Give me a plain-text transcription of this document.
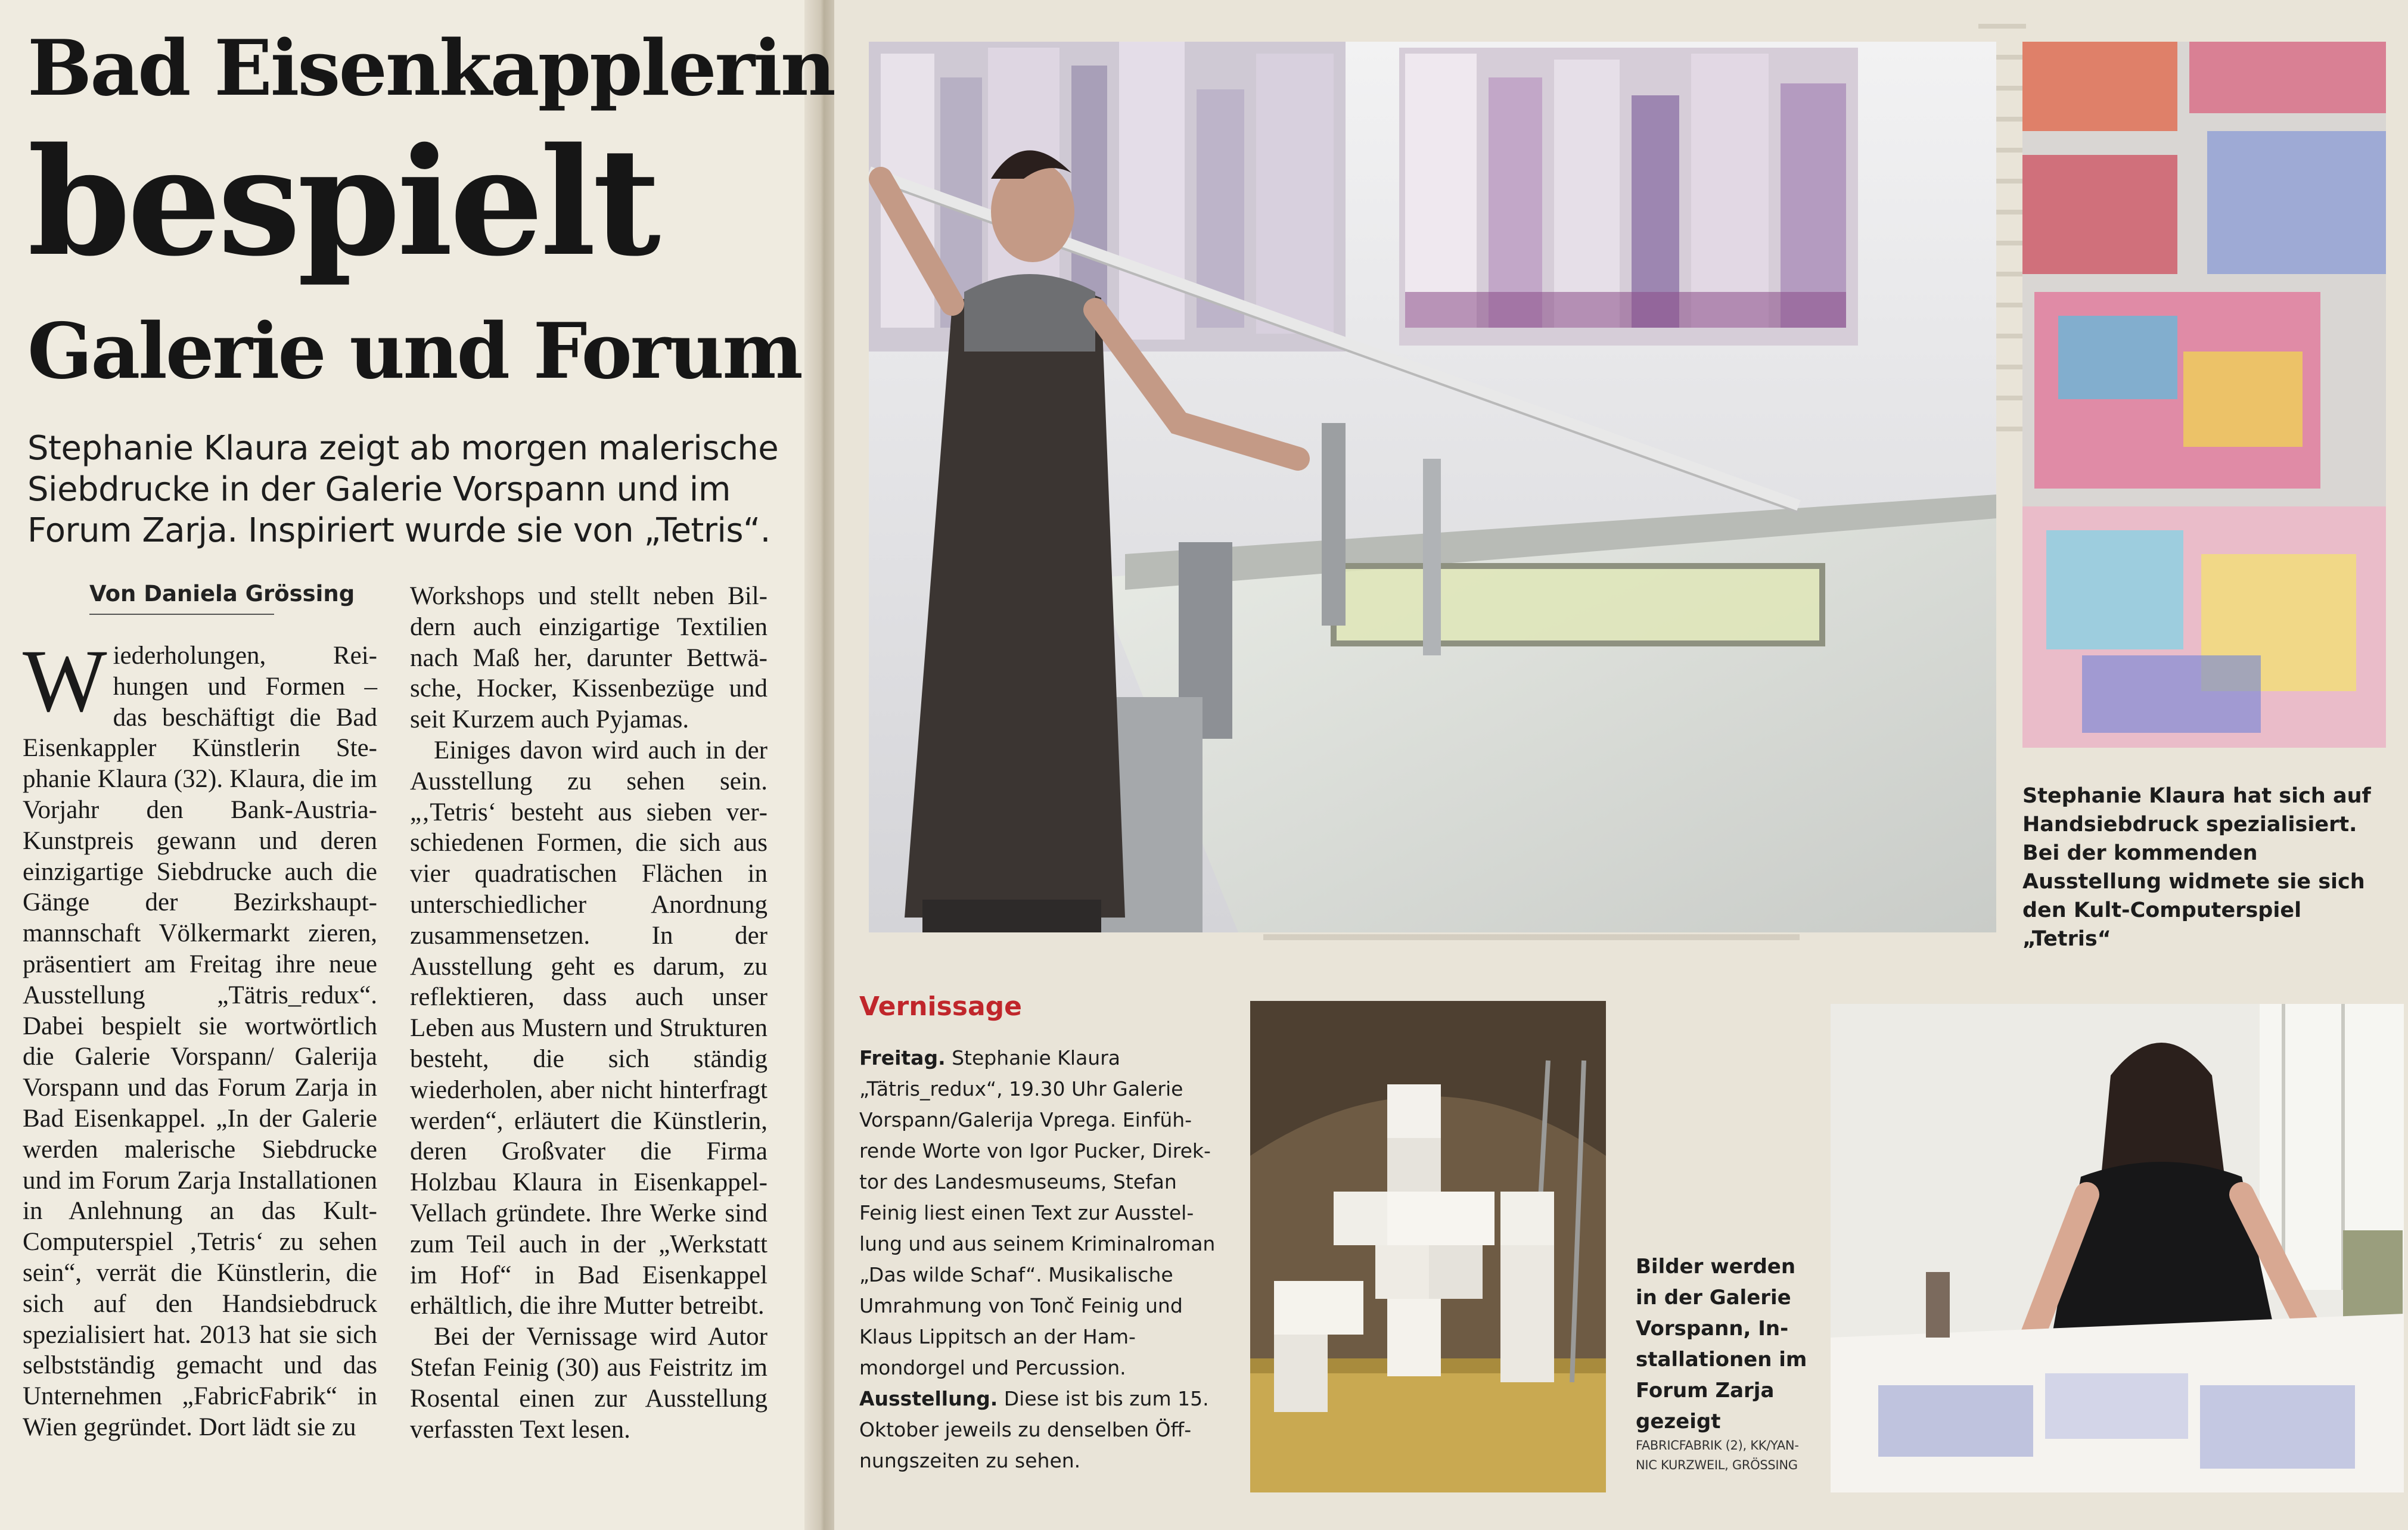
Bad Eisenkapplerin
bespielt
Galerie und Forum
Stephanie Klaura zeigt ab morgen malerische Siebdrucke in der Galerie Vorspann und im Forum Zarja. Inspiriert wurde sie von „Tetris“.
Von Daniela Grössing
Wiederholungen, Reihungen und Formen – das beschäftigt die Bad Eisenkappler Künstlerin Stephanie Klaura (32). Klaura, die im Vorjahr den Bank-Austria-Kunstpreis gewann und deren einzigartige Siebdrucke auch die Gänge der Bezirkshauptmannschaft Völkermarkt zieren, präsentiert am Freitag ihre neue Ausstellung „Tätris_redux“. Dabei bespielt sie wortwörtlich die Galerie Vorspann/ Galerija Vorspann und das Forum Zarja in Bad Eisenkappel. „In der Galerie werden malerische Siebdrucke und im Forum Zarja Installationen in Anlehnung an das Kult-Computerspiel ‚Tetris‘ zu sehen sein“, verrät die Künstlerin, die sich auf den Handsiebdruck spezialisiert hat. 2013 hat sie sich selbstständig gemacht und das Unternehmen „FabricFabrik“ in Wien gegründet. Dort lädt sie zu

Workshops und stellt neben Bildern auch einzigartige Textilien nach Maß her, darunter Bettwäsche, Hocker, Kissenbezüge und seit Kurzem auch Pyjamas.

Einiges davon wird auch in der Ausstellung zu sehen sein. „‚Tetris‘ besteht aus sieben verschiedenen Formen, die sich aus vier quadratischen Flächen in unterschiedlicher Anordnung zusammensetzen. In der Ausstellung geht es darum, zu reflektieren, dass auch unser Leben aus Mustern und Strukturen besteht, die sich ständig wiederholen, aber nicht hinterfragt werden“, erläutert die Künstlerin, deren Großvater die Firma Holzbau Klaura in Eisenkappel-Vellach gründete. Ihre Werke sind zum Teil auch in der „Werkstatt im Hof“ in Bad Eisenkappel erhältlich, die ihre Mutter betreibt.

Bei der Vernissage wird Autor Stefan Feinig (30) aus Feistritz im Rosental einen zur Ausstellung verfassten Text lesen.

Stephanie Klaura hat sich auf Handsiebdruck spezialisiert. Bei der kommenden Ausstellung widmete sie sich den Kult-Computerspiel „Tetris“
Vernissage
Freitag. Stephanie Klaura „Tätris_redux“, 19.30 Uhr Galerie Vorspann/Galerija Vprega. Einführende Worte von Igor Pucker, Direktor des Landesmuseums, Stefan Feinig liest einen Text zur Ausstellung und aus seinem Kriminalroman „Das wilde Schaf“. Musikalische Umrahmung von Tonč Feinig und Klaus Lippitsch an der Hammondorgel und Percussion.
Ausstellung. Diese ist bis zum 15. Oktober jeweils zu denselben Öffnungszeiten zu sehen.
Bilder werden in der Galerie Vorspann, Installationen im Forum Zarja gezeigt
FABRICFABRIK (2), KK/YANNIC KURZWEIL, GRÖSSING
